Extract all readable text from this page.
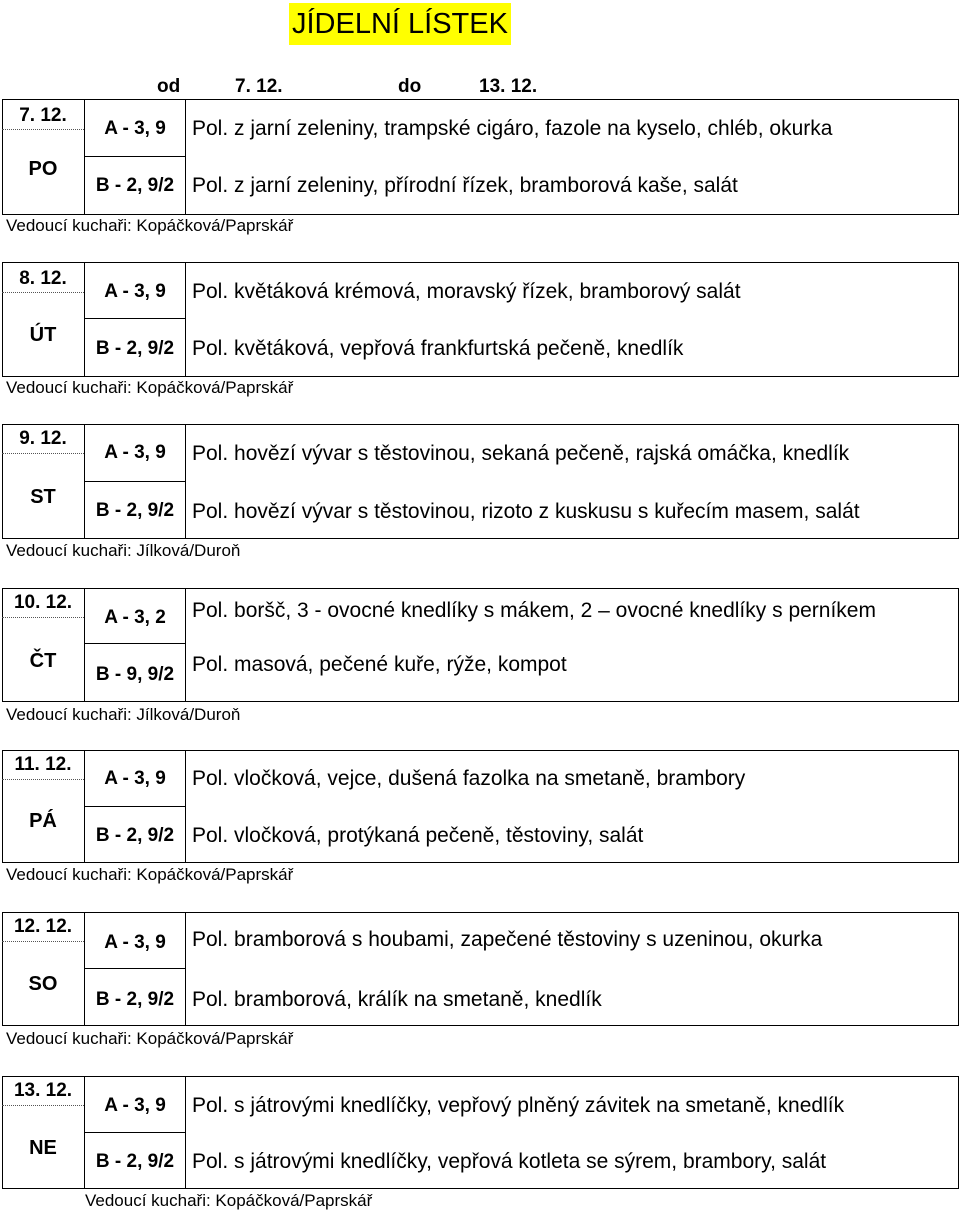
JÍDELNÍ LÍSTEK
od	7. 12.	do	13. 12.
7. 12.
PO
A - 3, 9	Pol. z jarní zeleniny, trampské cigáro, fazole na kyselo, chléb, okurka
B - 2, 9/2 Pol. z jarní zeleniny, přírodní řízek, bramborová kaše, salát
Vedoucí kuchaři: Kopáčková/Paprskář
8. 12.
ÚT
A - 3, 9	Pol. květáková krémová, moravský řízek, bramborový salát
B - 2, 9/2 Pol. květáková, vepřová frankfurtská pečeně, knedlík
Vedoucí kuchaři: Kopáčková/Paprskář
9. 12.
ST
A - 3, 9	Pol. hovězí vývar s těstovinou, sekaná pečeně, rajská omáčka, knedlík
B - 2, 9/2 Pol. hovězí vývar s těstovinou, rizoto z kuskusu s kuřecím masem, salát
Vedoucí kuchaři: Jílková/Duroň
10. 12.
ČT
A - 3, 2	Pol. boršč, 3 - ovocné knedlíky s mákem, 2 – ovocné knedlíky s perníkem
B - 9, 9/2 Pol. masová, pečené kuře, rýže, kompot
Vedoucí kuchaři: Jílková/Duroň
11. 12.
PÁ
A - 3, 9	Pol. vločková, vejce, dušená fazolka na smetaně, brambory
B - 2, 9/2 Pol. vločková, protýkaná pečeně, těstoviny, salát
Vedoucí kuchaři: Kopáčková/Paprskář
12. 12.
SO
A - 3, 9	Pol. bramborová s houbami, zapečené těstoviny s uzeninou, okurka
B - 2, 9/2 Pol. bramborová, králík na smetaně, knedlík
Vedoucí kuchaři: Kopáčková/Paprskář
13. 12.
NE
A - 3, 9	Pol. s játrovými knedlíčky, vepřový plněný závitek na smetaně, knedlík
B - 2, 9/2 Pol. s játrovými knedlíčky, vepřová kotleta se sýrem, brambory, salát
Vedoucí kuchaři: Kopáčková/Paprskář
